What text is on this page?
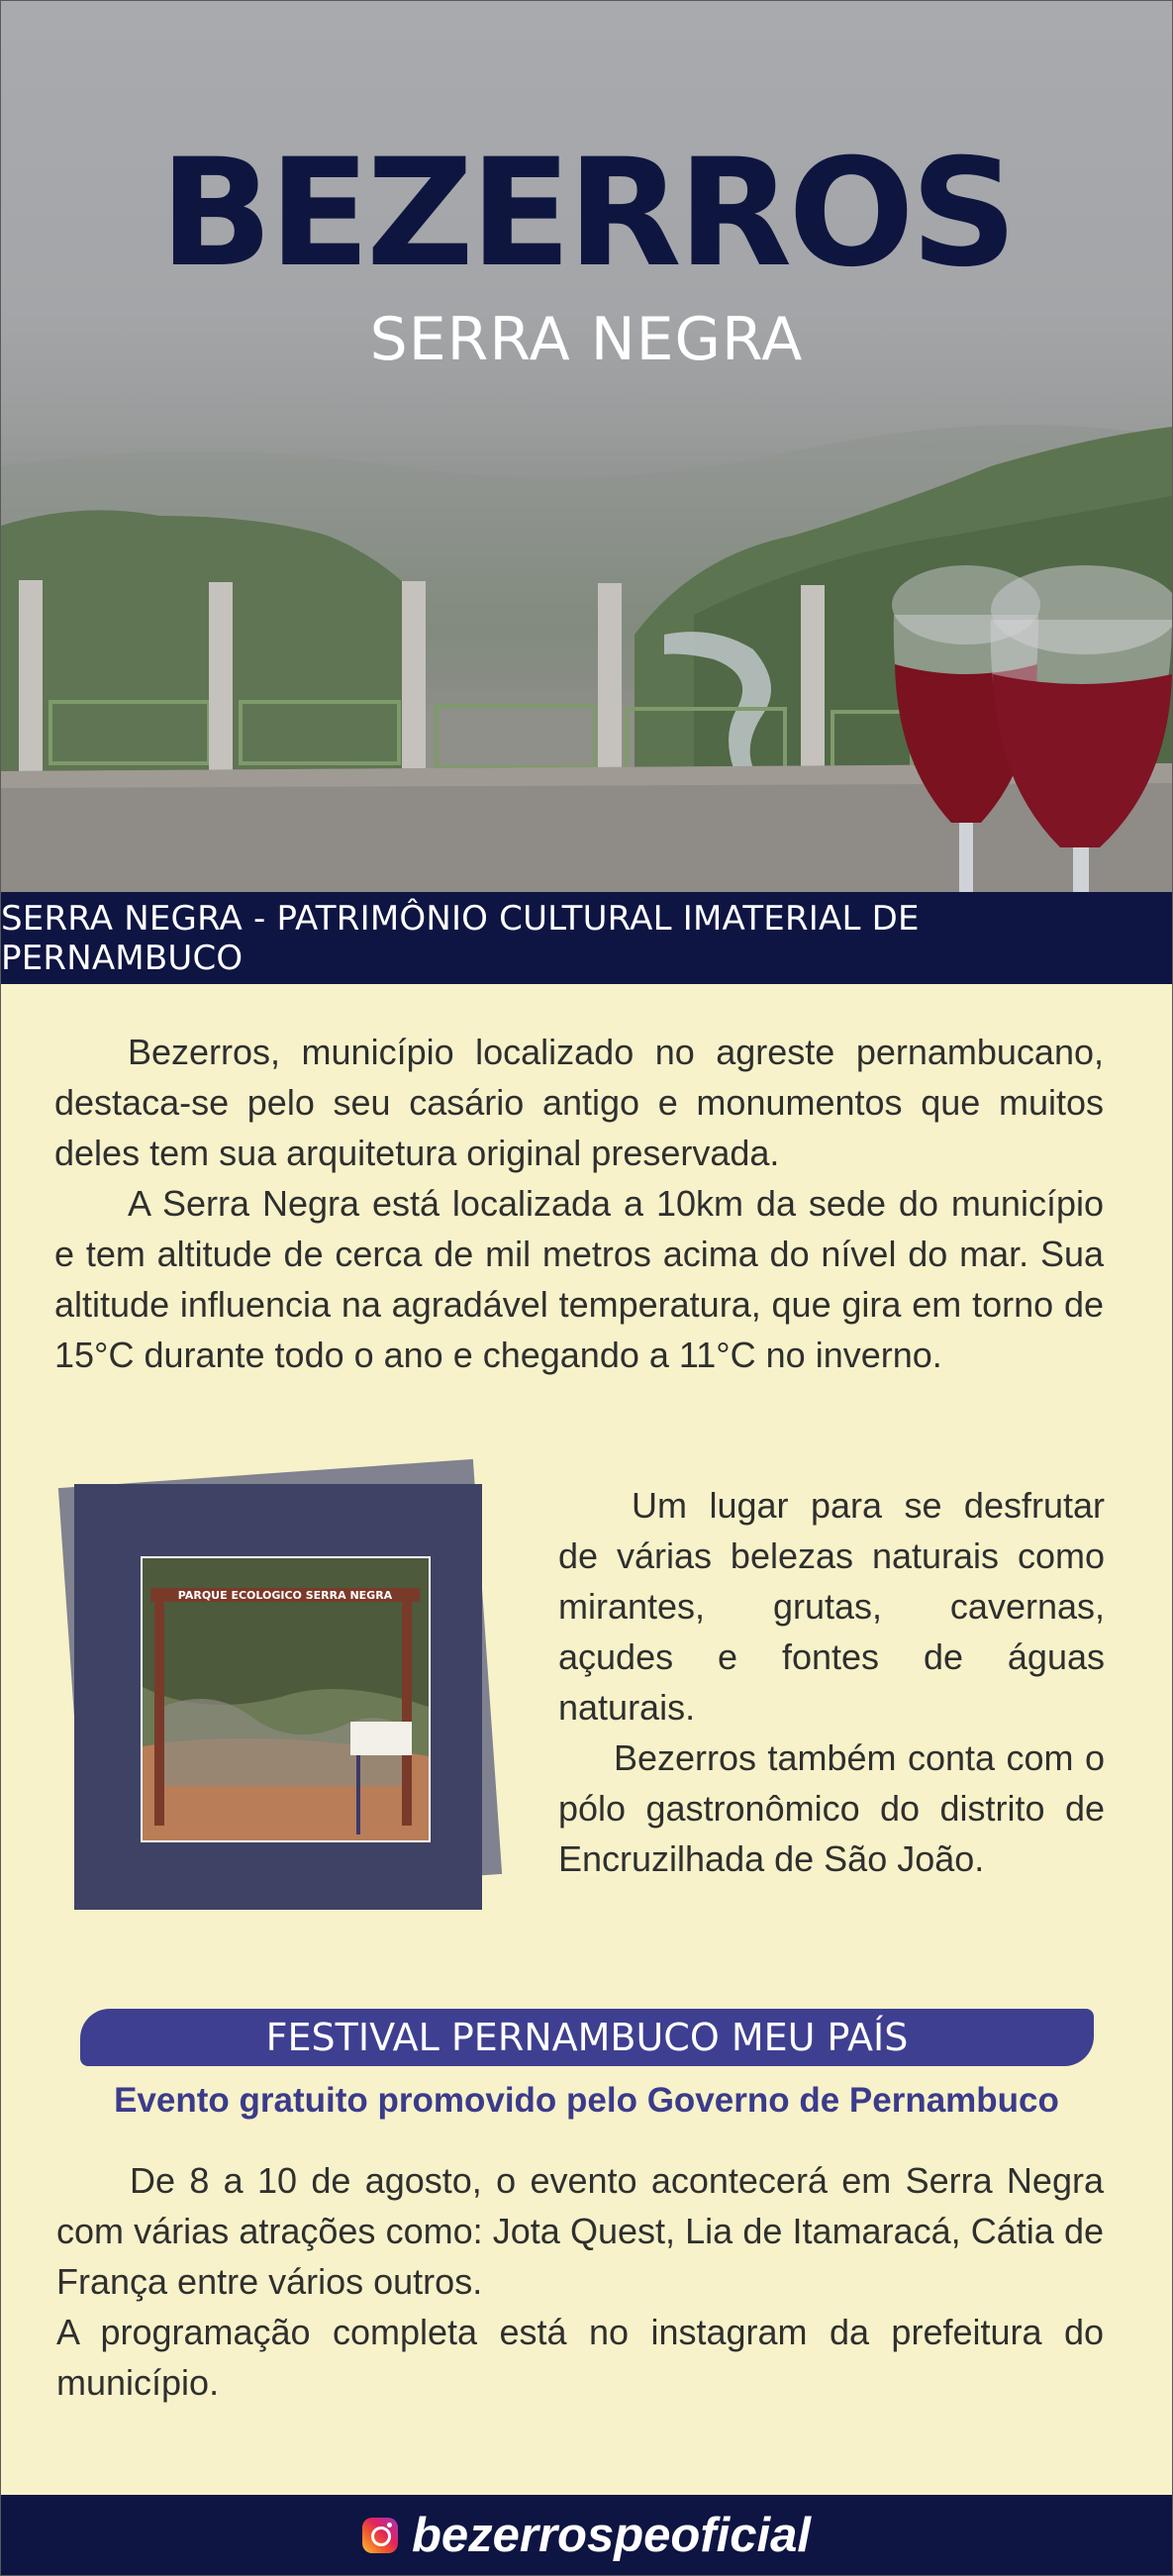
BEZERROS
SERRA NEGRA
SERRA NEGRA - PATRIMÔNIO CULTURAL IMATERIAL DE PERNAMBUCO

Bezerros, município localizado no agreste pernambucano, destaca-se pelo seu casário antigo e monumentos que muitos deles tem sua arquitetura original preservada.

A Serra Negra está localizada a 10km da sede do município e tem altitude de cerca de mil metros acima do nível do mar. Sua altitude influencia na agradável temperatura, que gira em torno de 15°C durante todo o ano e chegando a 11°C no inverno.

PARQUE ECOLOGICO SERRA NEGRA

Um lugar para se desfrutar de várias belezas naturais como mirantes, grutas, cavernas, açudes e fontes de águas naturais.

Bezerros também conta com o pólo gastronômico do distrito de Encruzilhada de São João.

FESTIVAL PERNAMBUCO MEU PAÍS
Evento gratuito promovido pelo Governo de Pernambuco

De 8 a 10 de agosto, o evento acontecerá em Serra Negra com várias atrações como: Jota Quest, Lia de Itamaracá, Cátia de França entre vários outros.

A programação completa está no instagram da prefeitura do município.

bezerrospeoficial
